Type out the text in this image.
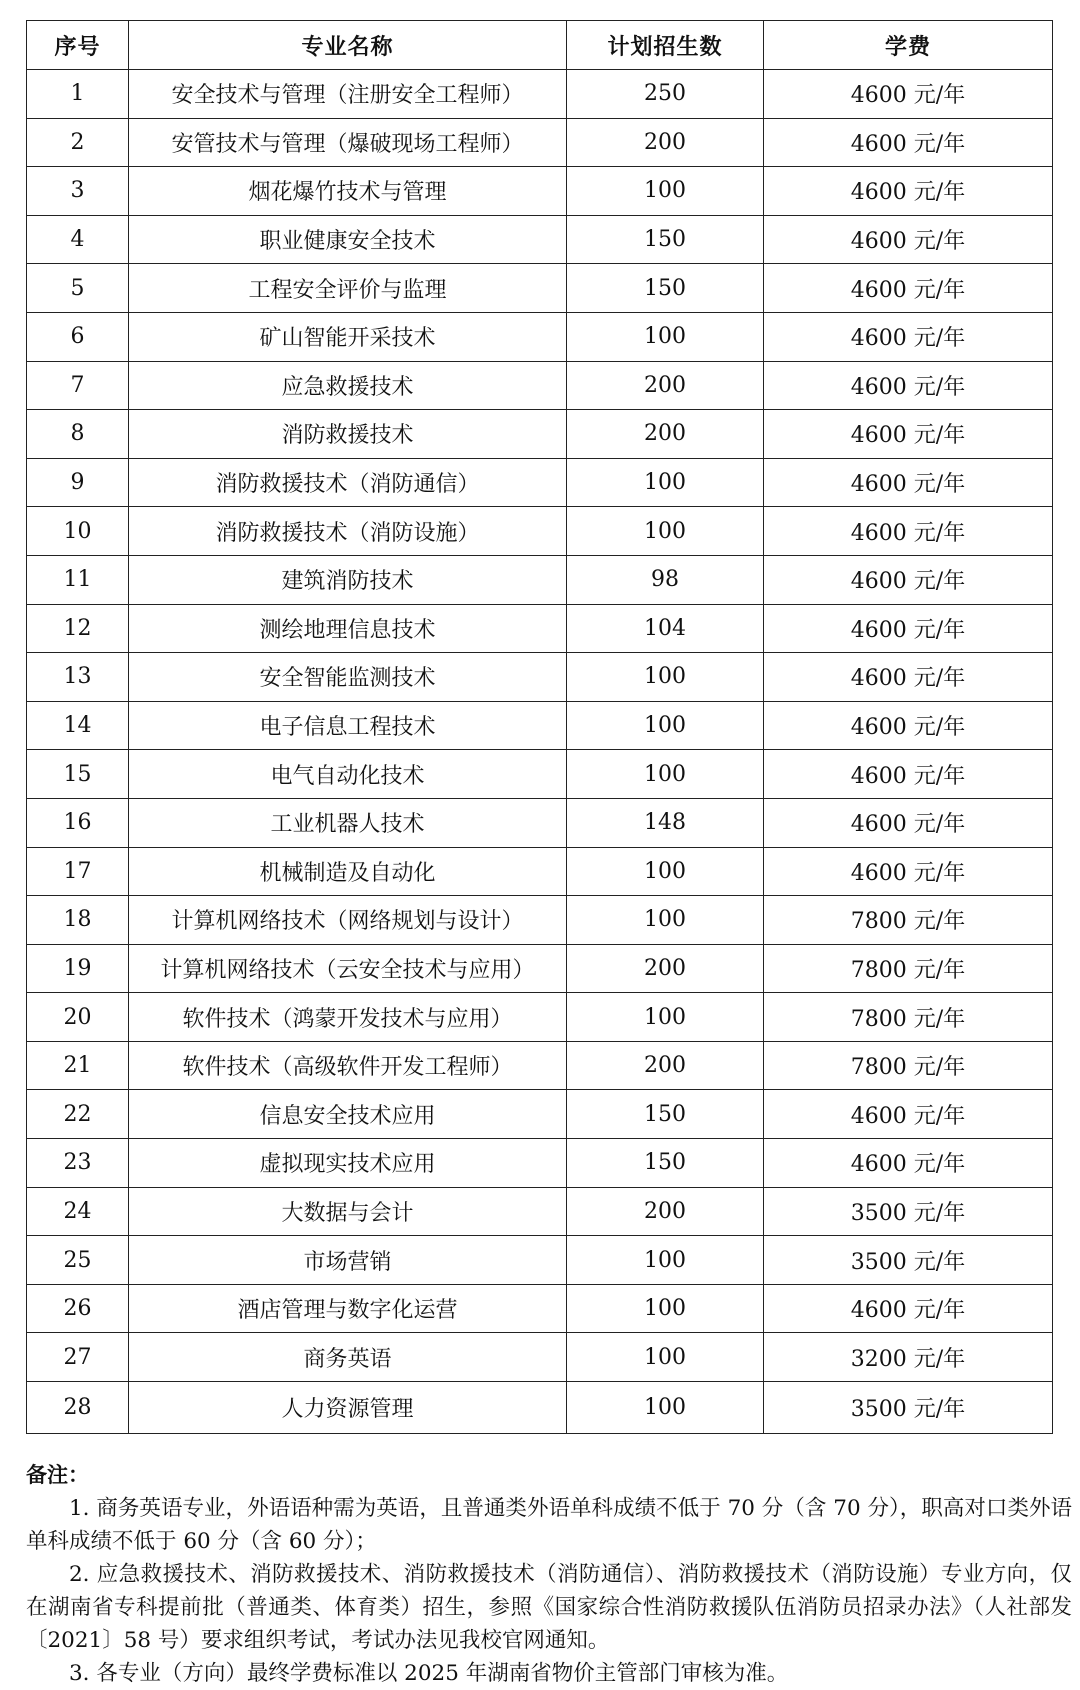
序号	专业名称	计划招生数	学费
1	安全技术与管理（注册安全工程师）	250	4600 元/年
2	安管技术与管理（爆破现场工程师）	200	4600 元/年
3	烟花爆竹技术与管理	100	4600 元/年
4	职业健康安全技术	150	4600 元/年
5	工程安全评价与监理	150	4600 元/年
6	矿山智能开采技术	100	4600 元/年
7	应急救援技术	200	4600 元/年
8	消防救援技术	200	4600 元/年
9	消防救援技术（消防通信）	100	4600 元/年
10	消防救援技术（消防设施）	100	4600 元/年
11	建筑消防技术	98	4600 元/年
12	测绘地理信息技术	104	4600 元/年
13	安全智能监测技术	100	4600 元/年
14	电子信息工程技术	100	4600 元/年
15	电气自动化技术	100	4600 元/年
16	工业机器人技术	148	4600 元/年
17	机械制造及自动化	100	4600 元/年
18	计算机网络技术（网络规划与设计）	100	7800 元/年
19	计算机网络技术（云安全技术与应用）	200	7800 元/年
20	软件技术（鸿蒙开发技术与应用）	100	7800 元/年
21	软件技术（高级软件开发工程师）	200	7800 元/年
22	信息安全技术应用	150	4600 元/年
23	虚拟现实技术应用	150	4600 元/年
24	大数据与会计	200	3500 元/年
25	市场营销	100	3500 元/年
26	酒店管理与数字化运营	100	4600 元/年
27	商务英语	100	3200 元/年
28	人力资源管理	100	3500 元/年
备注：

1. 商务英语专业，外语语种需为英语，且普通类外语单科成绩不低于 70 分（含 70 分），职高对口类外语单科成绩不低于 60 分（含 60 分）；

2. 应急救援技术、消防救援技术、消防救援技术（消防通信）、消防救援技术（消防设施）专业方向，仅在湖南省专科提前批（普通类、体育类）招生，参照《国家综合性消防救援队伍消防员招录办法》（人社部发〔2021〕58 号）要求组织考试，考试办法见我校官网通知。

3. 各专业（方向）最终学费标准以 2025 年湖南省物价主管部门审核为准。
